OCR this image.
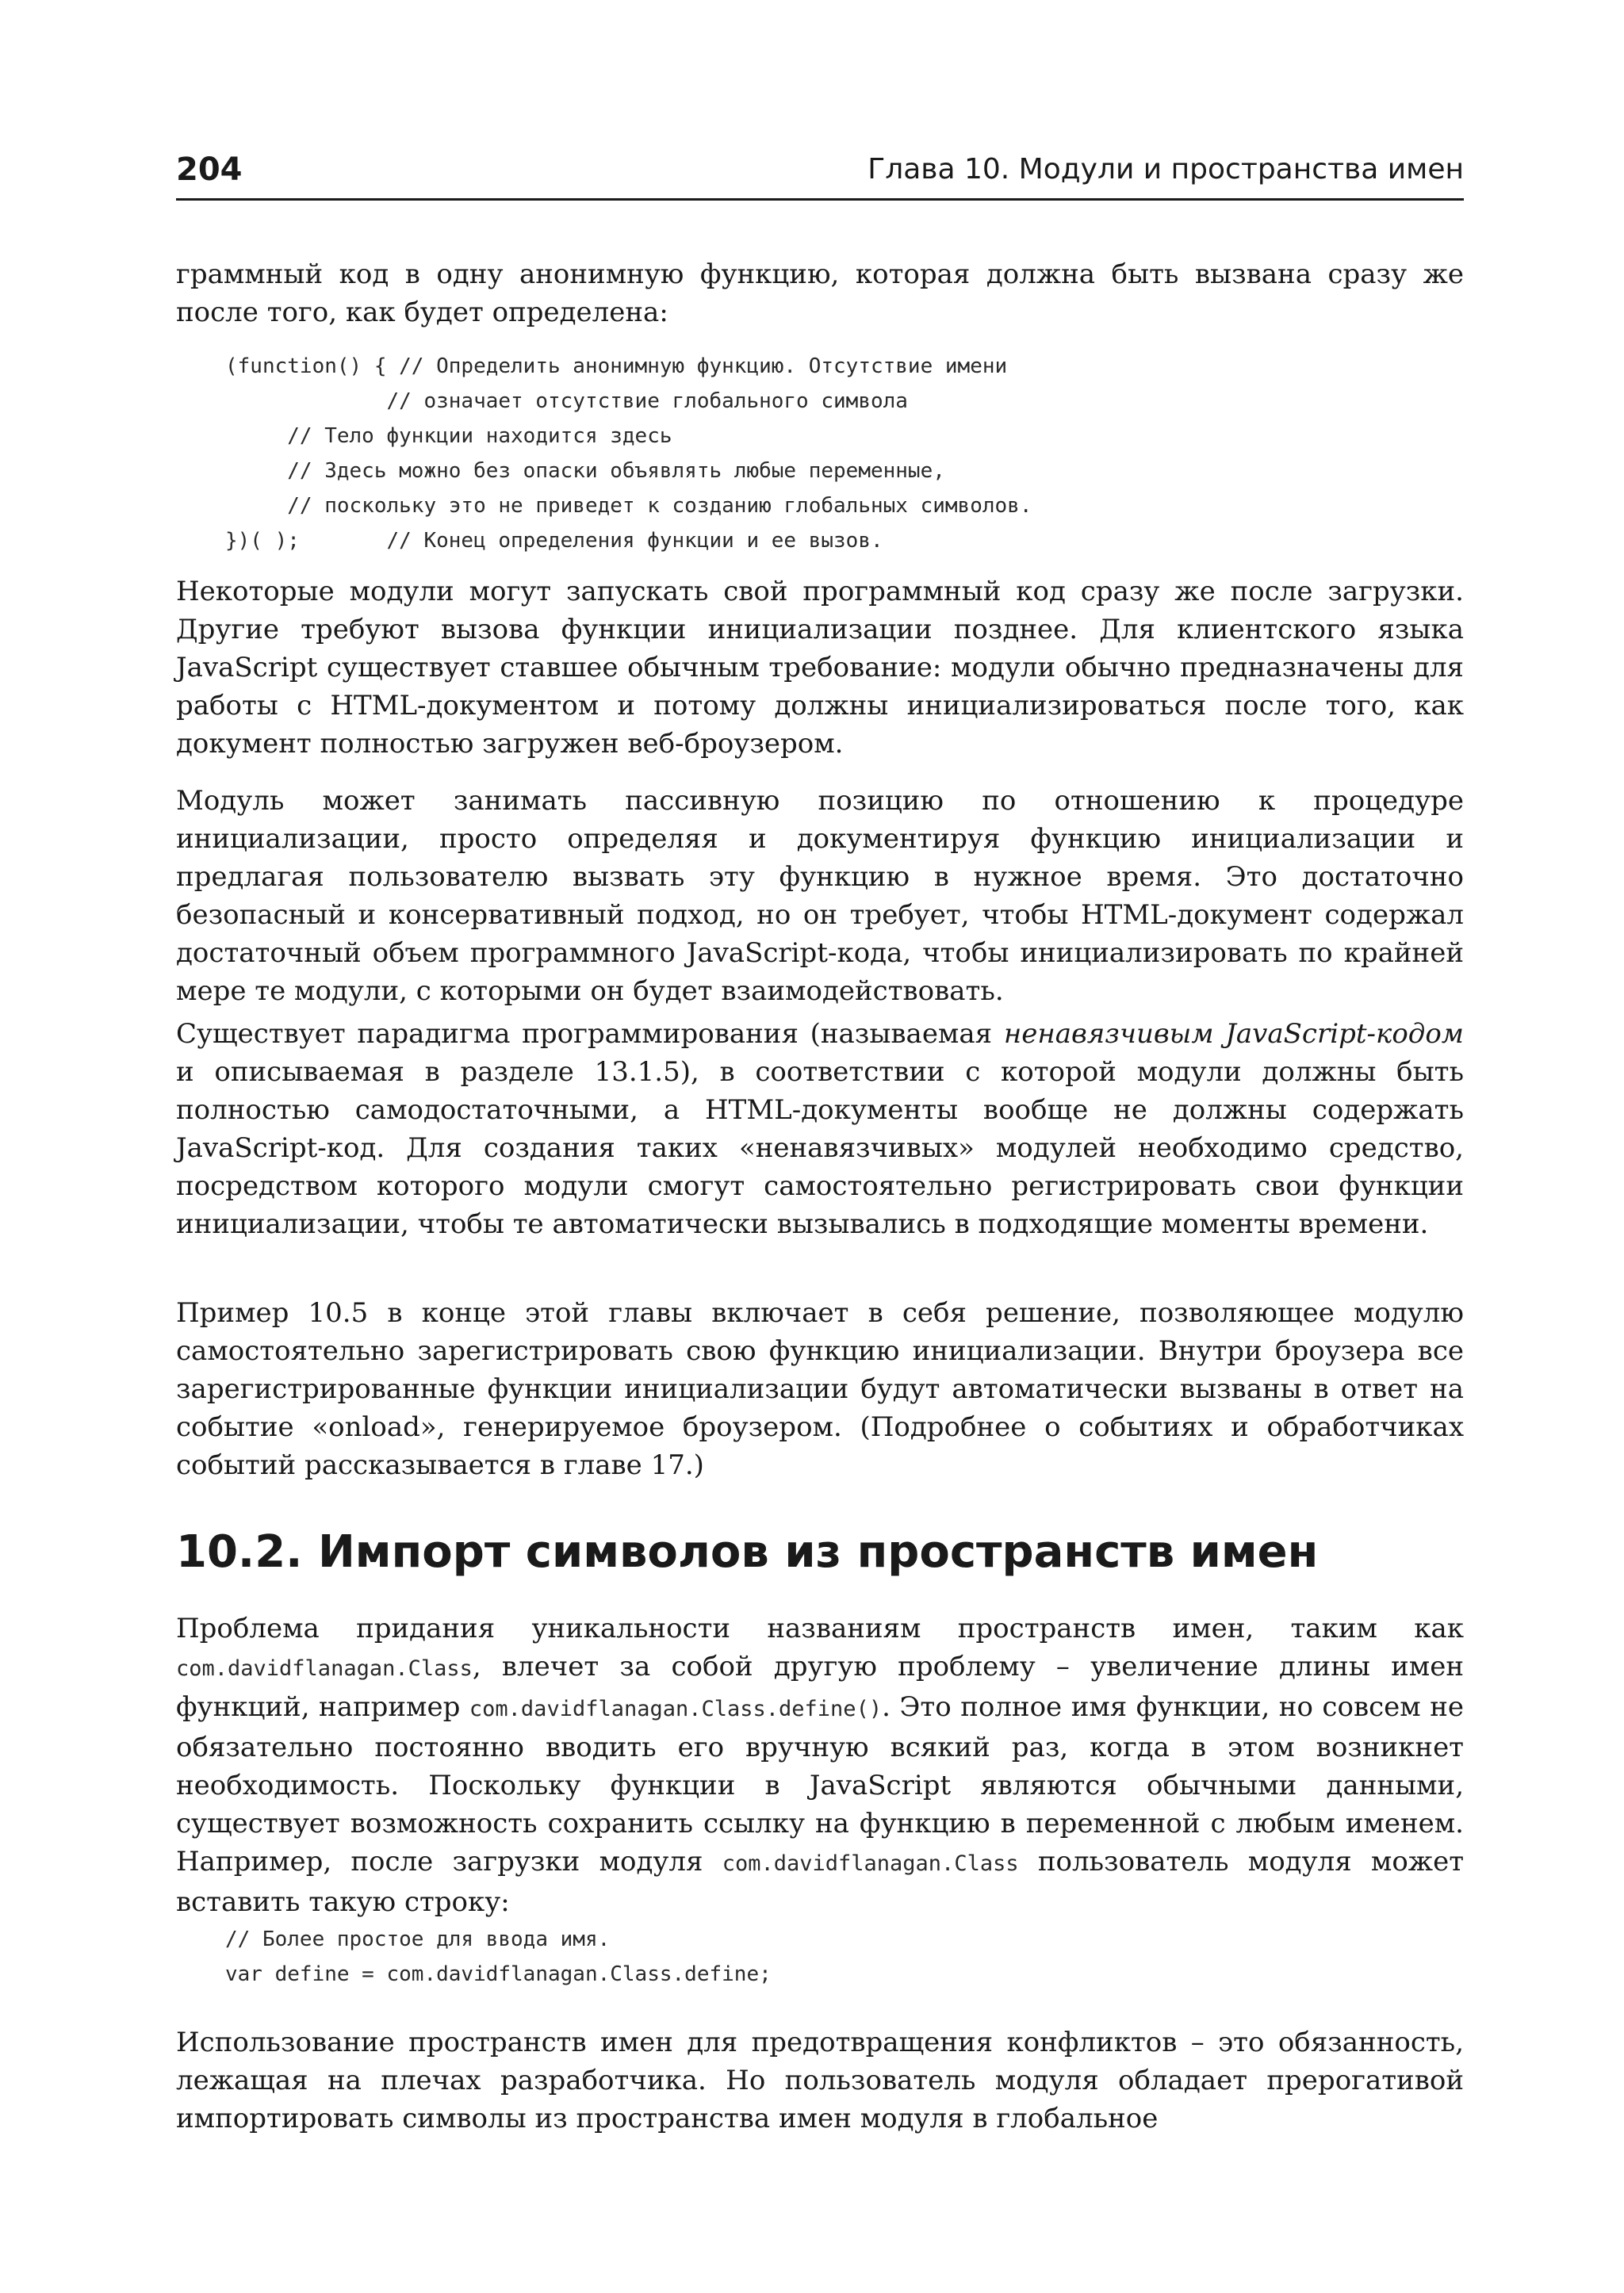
204	Глава 10. Модули и пространства имен

граммный код в одну анонимную функцию, которая должна быть вызвана сразу же после того, как будет определена:

(function() { // Определить анонимную функцию. Отсутствие имени
// означает отсутствие глобального символа
// Тело функции находится здесь
// Здесь можно без опаски объявлять любые переменные,
// поскольку это не приведет к созданию глобальных символов.
})( );       // Конец определения функции и ее вызов.

Некоторые модули могут запускать свой программный код сразу же после загрузки. Другие требуют вызова функции инициализации позднее. Для клиентского языка JavaScript существует ставшее обычным требование: модули обычно предназначены для работы с HTML-документом и потому должны инициализироваться после того, как документ полностью загружен веб-броузером.

Модуль может занимать пассивную позицию по отношению к процедуре инициализации, просто определяя и документируя функцию инициализации и предлагая пользователю вызвать эту функцию в нужное время. Это достаточно безопасный и консервативный подход, но он требует, чтобы HTML-документ содержал достаточный объем программного JavaScript-кода, чтобы инициализировать по крайней мере те модули, с которыми он будет взаимодействовать.

Существует парадигма программирования (называемая ненавязчивым JavaScript-кодом и описываемая в разделе 13.1.5), в соответствии с которой модули должны быть полностью самодостаточными, а HTML-документы вообще не должны содержать JavaScript-код. Для создания таких «ненавязчивых» модулей необходимо средство, посредством которого модули смогут самостоятельно регистрировать свои функции инициализации, чтобы те автоматически вызывались в подходящие моменты времени.

Пример 10.5 в конце этой главы включает в себя решение, позволяющее модулю самостоятельно зарегистрировать свою функцию инициализации. Внутри броузера все зарегистрированные функции инициализации будут автоматически вызваны в ответ на событие «onload», генерируемое броузером. (Подробнее о событиях и обработчиках событий рассказывается в главе 17.)

10.2. Импорт символов из пространств имен

Проблема придания уникальности названиям пространств имен, таким как com.davidflanagan.Class, влечет за собой другую проблему – увеличение длины имен функций, например com.davidflanagan.Class.define(). Это полное имя функции, но совсем не обязательно постоянно вводить его вручную всякий раз, когда в этом возникнет необходимость. Поскольку функции в JavaScript являются обычными данными, существует возможность сохранить ссылку на функцию в переменной с любым именем. Например, после загрузки модуля com.davidflanagan.Class пользователь модуля может вставить такую строку:

// Более простое для ввода имя.
var define = com.davidflanagan.Class.define;

Использование пространств имен для предотвращения конфликтов – это обязанность, лежащая на плечах разработчика. Но пользователь модуля обладает прерогативой импортировать символы из пространства имен модуля в глобальное
